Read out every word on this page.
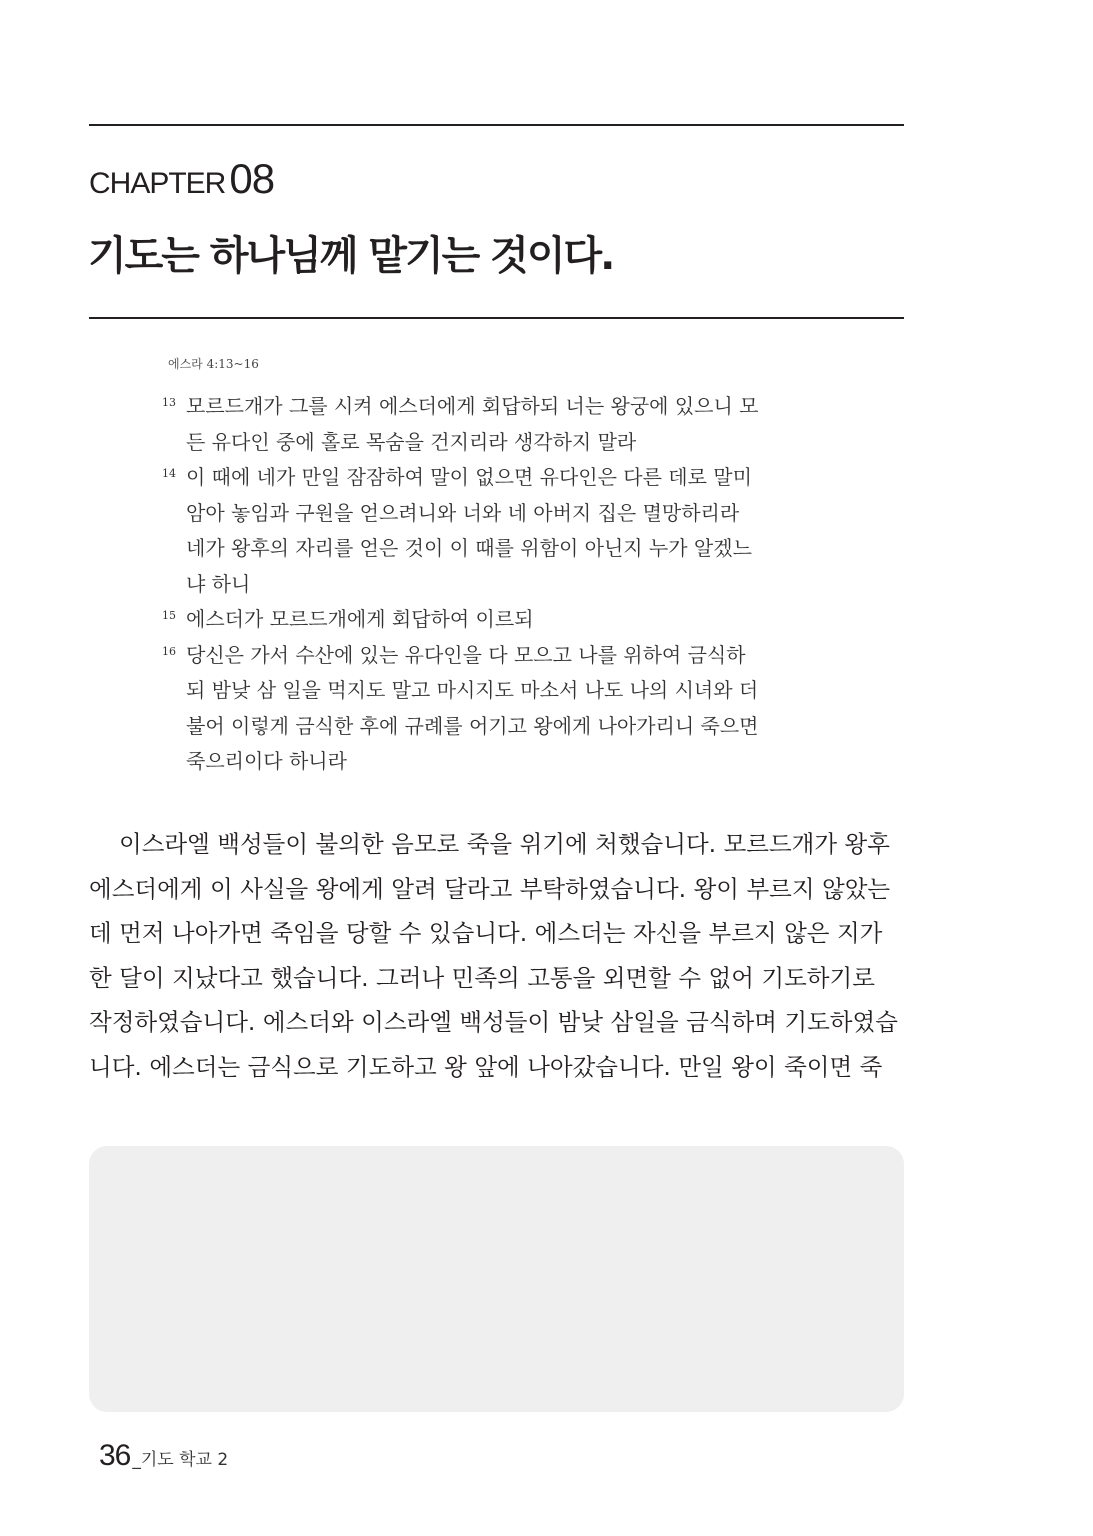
CHAPTER08
기도는 하나님께 맡기는 것이다.
에스라 4:13~16
13 모르드개가 그를 시켜 에스더에게 회답하되 너는 왕궁에 있으니 모
든 유다인 중에 홀로 목숨을 건지리라 생각하지 말라
14 이 때에 네가 만일 잠잠하여 말이 없으면 유다인은 다른 데로 말미
암아 놓임과 구원을 얻으려니와 너와 네 아버지 집은 멸망하리라
네가 왕후의 자리를 얻은 것이 이 때를 위함이 아닌지 누가 알겠느
냐 하니
15 에스더가 모르드개에게 회답하여 이르되
16 당신은 가서 수산에 있는 유다인을 다 모으고 나를 위하여 금식하
되 밤낮 삼 일을 먹지도 말고 마시지도 마소서 나도 나의 시녀와 더
불어 이렇게 금식한 후에 규례를 어기고 왕에게 나아가리니 죽으면
죽으리이다 하니라
이스라엘 백성들이 불의한 음모로 죽을 위기에 처했습니다. 모르드개가 왕후
에스더에게 이 사실을 왕에게 알려 달라고 부탁하였습니다. 왕이 부르지 않았는
데 먼저 나아가면 죽임을 당할 수 있습니다. 에스더는 자신을 부르지 않은 지가
한 달이 지났다고 했습니다. 그러나 민족의 고통을 외면할 수 없어 기도하기로
작정하였습니다. 에스더와 이스라엘 백성들이 밤낮 삼일을 금식하며 기도하였습
니다. 에스더는 금식으로 기도하고 왕 앞에 나아갔습니다. 만일 왕이 죽이면 죽
36 _기도 학교 2
